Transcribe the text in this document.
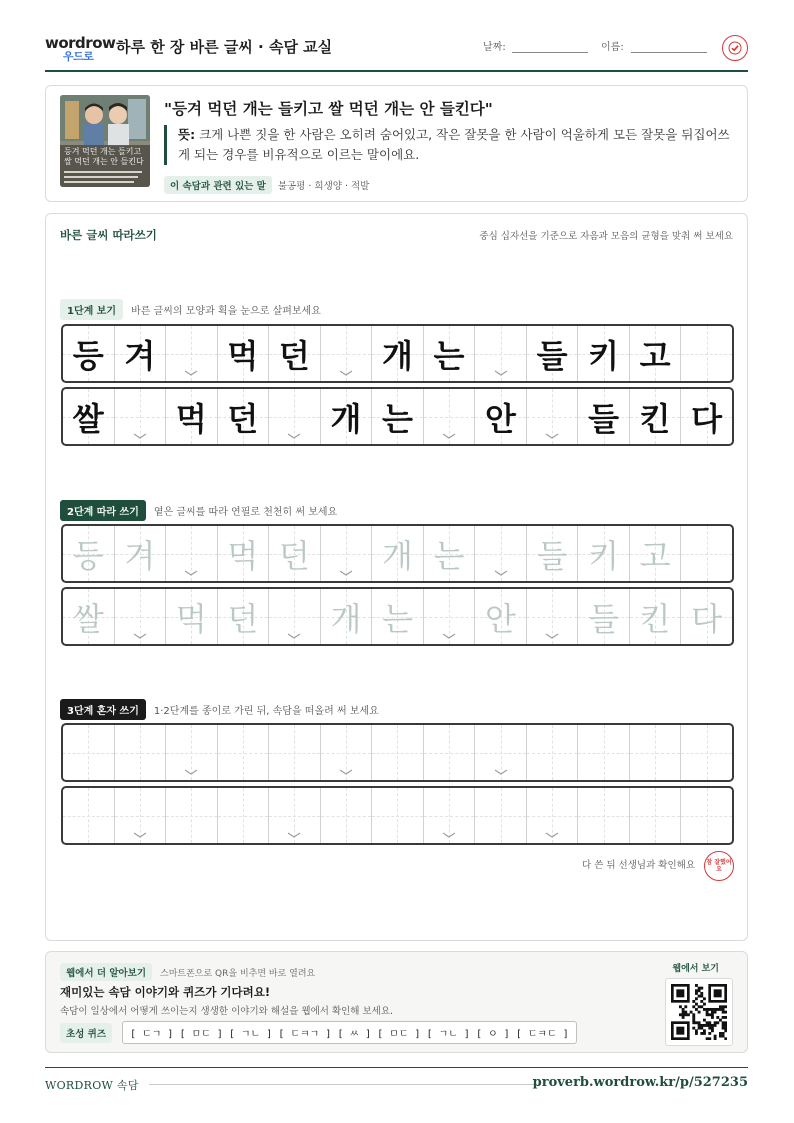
wordrow
우드로
하루 한 장 바른 글씨 · 속담 교실	날짜:	이름:
등겨 먹던 개는 들키고
쌀 먹던 개는 안 들킨다
"등겨 먹던 개는 들키고 쌀 먹던 개는 안 들킨다"
뜻: 크게 나쁜 짓을 한 사람은 오히려 숨어있고, 작은 잘못을 한 사람이 억울하게 모든 잘못을 뒤집어쓰게 되는 경우를 비유적으로 이르는 말이에요.
이 속담과 관련 있는 말	불공평 · 희생양 · 적발
바른 글씨 따라쓰기	중심 십자선을 기준으로 자음과 모음의 균형을 맞춰 써 보세요
1단계 보기	바른 글씨의 모양과 획을 눈으로 살펴보세요
등 겨 먹 던 개 는 들 키 고
쌀 먹 던 개 는 안 들 킨 다
2단계 따라 쓰기	옅은 글씨를 따라 연필로 천천히 써 보세요
등 겨 먹 던 개 는 들 키 고
쌀 먹 던 개 는 안 들 킨 다
3단계 혼자 쓰기	1·2단계를 종이로 가린 뒤, 속담을 떠올려 써 보세요
다 쓴 뒤 선생님과 확인해요 참 잘했어요
웹에서 더 알아보기	스마트폰으로 QR을 비추면 바로 열려요
재미있는 속담 이야기와 퀴즈가 기다려요!
속담이 일상에서 어떻게 쓰이는지 생생한 이야기와 해설을 웹에서 확인해 보세요.
초성 퀴즈	[ ㄷㄱ ] [ ㅁㄷ ] [ ㄱㄴ ] [ ㄷㅋㄱ ] [ ㅆ ] [ ㅁㄷ ] [ ㄱㄴ ] [ ㅇ ] [ ㄷㅋㄷ ]
웹에서 보기
WORDROW 속담	proverb.wordrow.kr/p/527235
